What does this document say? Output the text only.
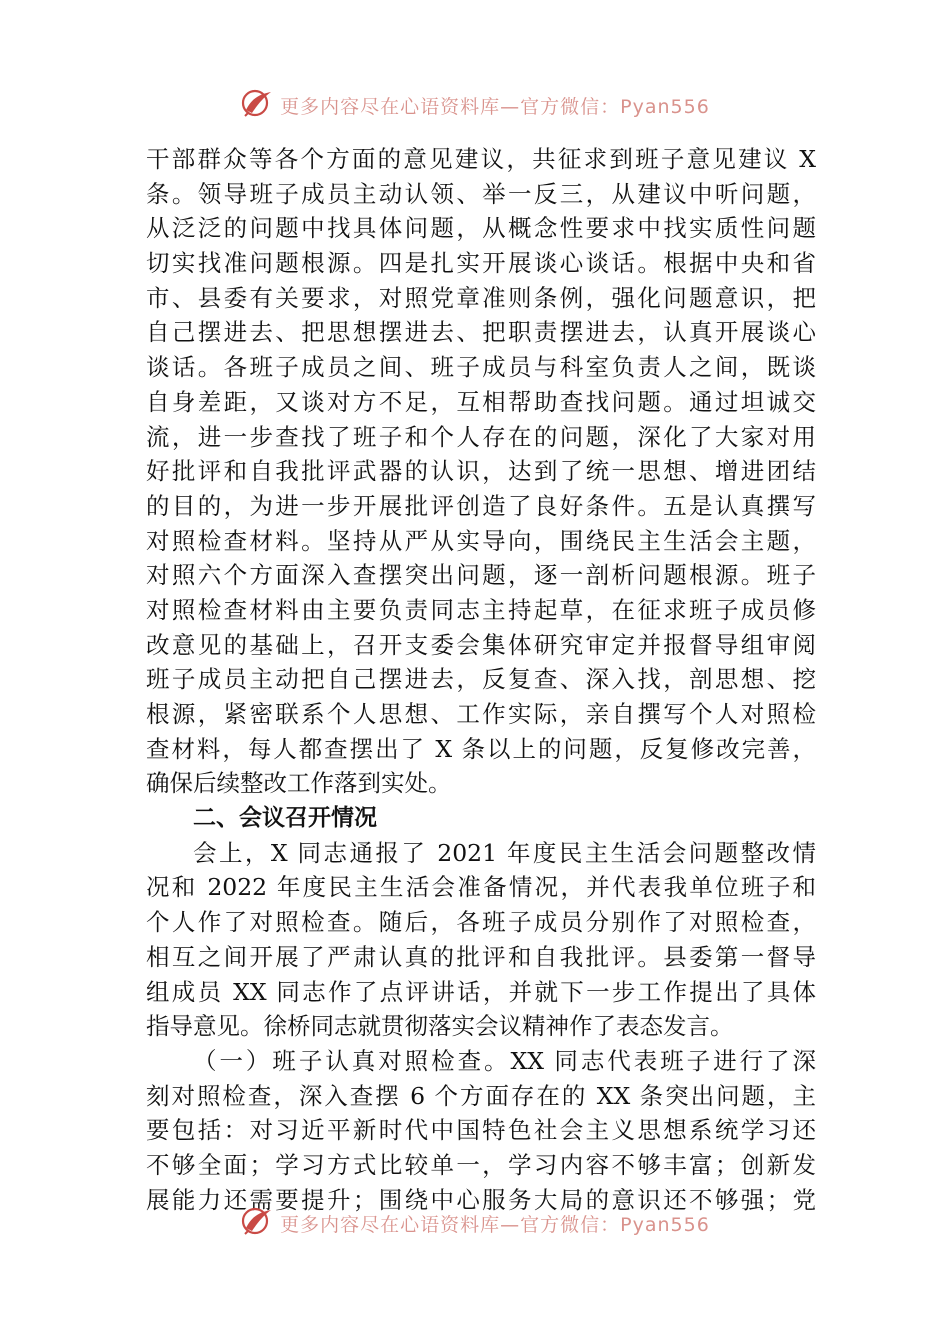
更多内容尽在心语资料库—官方微信：Pyan556
干部群众等各个方面的意见建议，共征求到班子意见建议 X
条。领导班子成员主动认领、举一反三，从建议中听问题，
从泛泛的问题中找具体问题，从概念性要求中找实质性问题
切实找准问题根源。四是扎实开展谈心谈话。根据中央和省
市、县委有关要求，对照党章准则条例，强化问题意识，把
自己摆进去、把思想摆进去、把职责摆进去，认真开展谈心
谈话。各班子成员之间、班子成员与科室负责人之间，既谈
自身差距，又谈对方不足，互相帮助查找问题。通过坦诚交
流，进一步查找了班子和个人存在的问题，深化了大家对用
好批评和自我批评武器的认识，达到了统一思想、增进团结
的目的，为进一步开展批评创造了良好条件。五是认真撰写
对照检查材料。坚持从严从实导向，围绕民主生活会主题，
对照六个方面深入查摆突出问题，逐一剖析问题根源。班子
对照检查材料由主要负责同志主持起草，在征求班子成员修
改意见的基础上，召开支委会集体研究审定并报督导组审阅
班子成员主动把自己摆进去，反复查、深入找，剖思想、挖
根源，紧密联系个人思想、工作实际，亲自撰写个人对照检
查材料，每人都查摆出了 X 条以上的问题，反复修改完善，
确保后续整改工作落到实处。
二、会议召开情况
会上，X 同志通报了 2021 年度民主生活会问题整改情
况和 2022 年度民主生活会准备情况，并代表我单位班子和
个人作了对照检查。随后，各班子成员分别作了对照检查，
相互之间开展了严肃认真的批评和自我批评。县委第一督导
组成员 XX 同志作了点评讲话，并就下一步工作提出了具体
指导意见。徐桥同志就贯彻落实会议精神作了表态发言。
（一）班子认真对照检查。XX 同志代表班子进行了深
刻对照检查，深入查摆 6 个方面存在的 XX 条突出问题，主
要包括：对习近平新时代中国特色社会主义思想系统学习还
不够全面；学习方式比较单一，学习内容不够丰富；创新发
展能力还需要提升；围绕中心服务大局的意识还不够强；党
更多内容尽在心语资料库—官方微信：Pyan556
